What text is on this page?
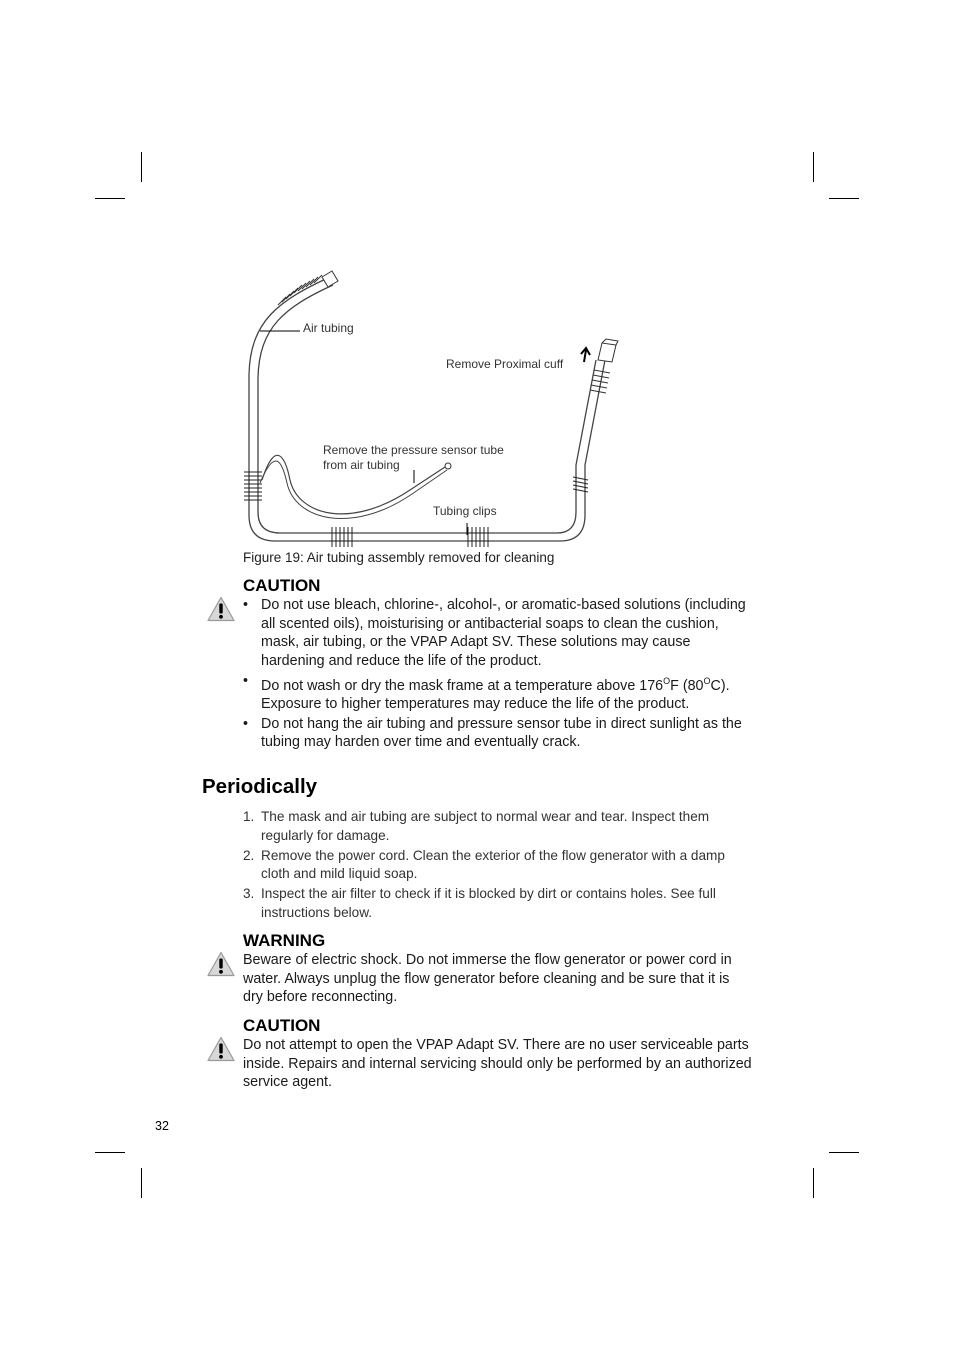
Air tubing
Remove Proximal cuff
Remove the pressure sensor tube
from air tubing
Tubing clips
Figure 19: Air tubing assembly removed for cleaning
CAUTION
• Do not use bleach, chlorine-, alcohol-, or aromatic-based solutions (including all scented oils), moisturising or antibacterial soaps to clean the cushion, mask, air tubing, or the VPAP Adapt SV. These solutions may cause hardening and reduce the life of the product.
• Do not wash or dry the mask frame at a temperature above $176^OF$ $(80^OC)$. Exposure to higher temperatures may reduce the life of the product.
• Do not hang the air tubing and pressure sensor tube in direct sunlight as the tubing may harden over time and eventually crack.
Periodically
1. The mask and air tubing are subject to normal wear and tear. Inspect them regularly for damage.
2. Remove the power cord. Clean the exterior of the flow generator with a damp cloth and mild liquid soap.
3. Inspect the air filter to check if it is blocked by dirt or contains holes. See full instructions below.
WARNING

Beware of electric shock. Do not immerse the flow generator or power cord in water. Always unplug the flow generator before cleaning and be sure that it is dry before reconnecting.

CAUTION

Do not attempt to open the VPAP Adapt SV. There are no user serviceable parts inside. Repairs and internal servicing should only be performed by an authorized service agent.

32
